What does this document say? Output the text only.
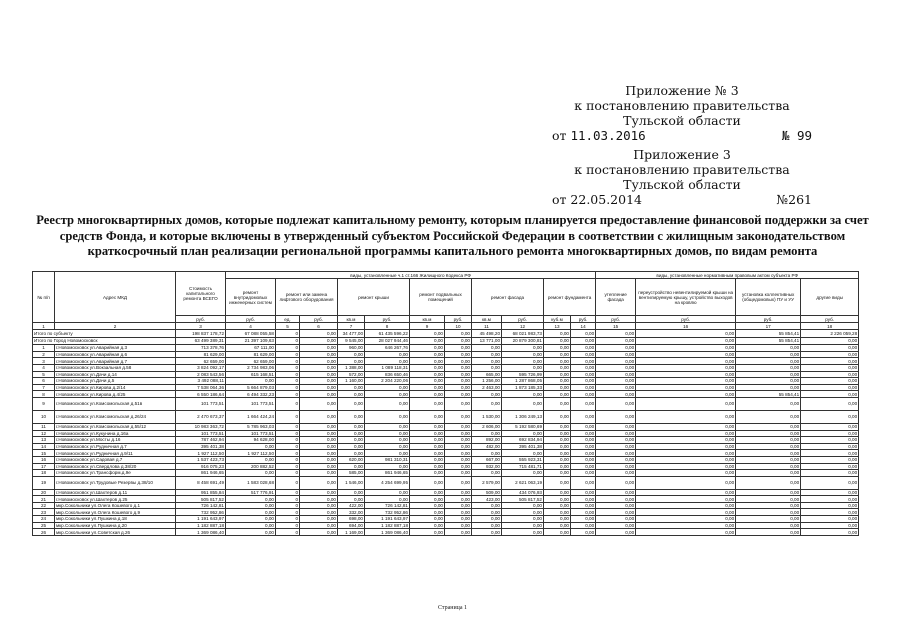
Приложение № 3
к постановлению правительства
Тульской области
от 11.03.2016	№ 99
Приложение 3
к постановлению правительства
Тульской области
от 22.05.2014	№261
Реестр многоквартирных домов, которые подлежат капитальному ремонту, которым планируется предоставление финансовой поддержки за счет средств Фонда, и которые включены в утвержденный субъектом Российской Федерации в соответствии с жилищным законодательством краткосрочный план реализации региональной программы капитального ремонта многоквартирных домов, по видам ремонта
№ п/п	Адрес МКД	Стоимость капитального ремонта ВСЕГО	виды, установленные ч.1 ст.166 Жилищного Кодекса РФ											виды, установленные нормативным правовым актом субъекта РФ			
			ремонт внутридомовых инженерных систем	ремонт или замена лифтового оборудования		ремонт крыши		ремонт подвальных помещений		ремонт фасада		ремонт фундамента		утепление фасада	переустройство невентилируемой крыши на вентилируемую крышу, устройство выходов на кровлю	установка коллективных (общедомовых) ПУ и УУ	другие виды
		руб.	руб.	ед.	руб.	кв.м	руб.	кв.м	руб.	кв.м	руб.	куб.м	руб.	руб.	руб.	руб.	руб.
1	2	3	4	5	6	7	8	9	10	11	12	13	14	15	16	17	18
Итого по субъекту		198 837 178,72	67 088 055,58	0	0,00	34 477,00	61 435 596,22	0,00	0,00	45 498,20	68 021 983,73	0,00	0,00	0,00	0,00	55 854,41	2 226 059,28
Итого по Город Новомосковск		63 499 389,31	21 397 109,63	0	0,00	9 545,00	28 027 944,46	0,00	0,00	13 771,00	20 879 300,81	0,00	0,00	0,00	0,00	55 854,41	0,00
1	г.Новомосковск ул.Аварийная д.3	713 378,76	67 111,00	0	0,00	960,00	646 267,76	0,00	0,00	0,00	0,00	0,00	0,00	0,00	0,00	0,00	0,00
2	г.Новомосковск ул.Аварийная д.6	81 629,00	81 629,00	0	0,00	0,00	0,00	0,00	0,00	0,00	0,00	0,00	0,00	0,00	0,00	0,00	0,00
3	г.Новомосковск ул.Аварийная д.7	62 659,00	62 659,00	0	0,00	0,00	0,00	0,00	0,00	0,00	0,00	0,00	0,00	0,00	0,00	0,00	0,00
4	г.Новомосковск ул.Вокзальная д.58	3 824 092,17	2 734 983,06	0	0,00	1 388,00	1 089 118,31	0,00	0,00	0,00	0,00	0,00	0,00	0,00	0,00	0,00	0,00
5	г.Новомосковск ул.Дачи д.14	2 083 543,56	615 168,51	0	0,00	572,00	836 650,46	0,00	0,00	665,00	595 726,99	0,00	0,00	0,00	0,00	0,00	0,00
6	г.Новомосковск ул.Дачи д.5	3 492 088,11	0,00	0	0,00	1 160,00	2 204 220,06	0,00	0,00	1 256,00	1 287 868,05	0,00	0,00	0,00	0,00	0,00	0,00
7	г.Новомосковск ул.Кирова д.2/14	7 538 064,36	5 664 879,03	0	0,00	0,00	0,00	0,00	0,00	2 463,00	1 873 185,33	0,00	0,00	0,00	0,00	0,00	0,00
8	г.Новомосковск ул.Кирова д.4/25	6 550 186,64	6 494 332,23	0	0,00	0,00	0,00	0,00	0,00	0,00	0,00	0,00	0,00	0,00	0,00	55 854,41	0,00
9	г.Новомосковск ул.Комсомольская д.51в	101 773,51	101 773,51	0	0,00	0,00	0,00	0,00	0,00	0,00	0,00	0,00	0,00	0,00	0,00	0,00	0,00
10	г.Новомосковск ул.Комсомольская д.26/24	2 470 673,37	1 664 424,24	0	0,00	0,00	0,00	0,00	0,00	1 530,00	1 306 249,13	0,00	0,00	0,00	0,00	0,00	0,00
11	г.Новомосковск ул.Комсомольская д.55/12	10 983 363,72	5 785 963,03	0	0,00	0,00	0,00	0,00	0,00	2 606,00	5 192 580,69	0,00	0,00	0,00	0,00	0,00	0,00
12	г.Новомосковск ул.Кукунина д.16а	101 773,51	101 773,51	0	0,00	0,00	0,00	0,00	0,00	0,00	0,00	0,00	0,00	0,00	0,00	0,00	0,00
13	г.Новомосковск ул.Мосты д.16	787 462,94	94 628,00	0	0,00	0,00	0,00	0,00	0,00	892,00	692 834,94	0,00	0,00	0,00	0,00	0,00	0,00
14	г.Новомосковск ул.Рудничная д.7	395 401,38	0,00	0	0,00	0,00	0,00	0,00	0,00	482,00	395 401,38	0,00	0,00	0,00	0,00	0,00	0,00
15	г.Новомосковск ул.Рудничная д.9/11	1 927 112,50	1 927 112,50	0	0,00	0,00	0,00	0,00	0,00	0,00	0,00	0,00	0,00	0,00	0,00	0,00	0,00
16	г.Новомосковск ул.Садовая д.7	1 537 423,73	0,00	0	0,00	620,00	981 310,31	0,00	0,00	667,00	555 923,31	0,00	0,00	0,00	0,00	0,00	0,00
17	г.Новомосковск ул.Свердлова д.38/20	916 075,23	200 882,52	0	0,00	0,00	0,00	0,00	0,00	932,00	715 481,71	0,00	0,00	0,00	0,00	0,00	0,00
18	г.Новомосковск ул.Трансформ.д.9е	861 946,65	0,00	0	0,00	585,00	861 946,65	0,00	0,00	0,00	0,00	0,00	0,00	0,00	0,00	0,00	0,00
19	г.Новомосковск ул.Трудовые Резервы д.38/10	8 458 691,49	1 583 028,68	0	0,00	1 546,00	4 254 699,95	0,00	0,00	2 579,00	2 621 063,19	0,00	0,00	0,00	0,00	0,00	0,00
20	г.Новомосковск ул.Шахтеров д.11	951 855,84	517 776,91	0	0,00	0,00	0,00	0,00	0,00	509,00	434 076,93	0,00	0,00	0,00	0,00	0,00	0,00
21	г.Новомосковск ул.Шахтеров д.25	505 817,52	0,00	0	0,00	0,00	0,00	0,00	0,00	423,00	505 817,52	0,00	0,00	0,00	0,00	0,00	0,00
22	мкр.Сокольники ул.Олега Кошевого д.1	726 142,81	0,00	0	0,00	422,00	726 142,81	0,00	0,00	0,00	0,00	0,00	0,00	0,00	0,00	0,00	0,00
23	мкр.Сокольники ул.Олега Кошевого д.9	732 952,86	0,00	0	0,00	332,00	732 952,86	0,00	0,00	0,00	0,00	0,00	0,00	0,00	0,00	0,00	0,00
24	мкр.Сокольники ул.Пушкина д.18	1 191 643,97	0,00	0	0,00	698,00	1 191 643,97	0,00	0,00	0,00	0,00	0,00	0,00	0,00	0,00	0,00	0,00
25	мкр.Сокольники ул.Пушкина д.20	1 182 887,18	0,00	0	0,00	694,00	1 182 887,18	0,00	0,00	0,00	0,00	0,00	0,00	0,00	0,00	0,00	0,00
26	мкр.Сокольники ул.Советская д.26	1 369 086,40	0,00	0	0,00	1 169,00	1 369 086,40	0,00	0,00	0,00	0,00	0,00	0,00	0,00	0,00	0,00	0,00
Страница 1
